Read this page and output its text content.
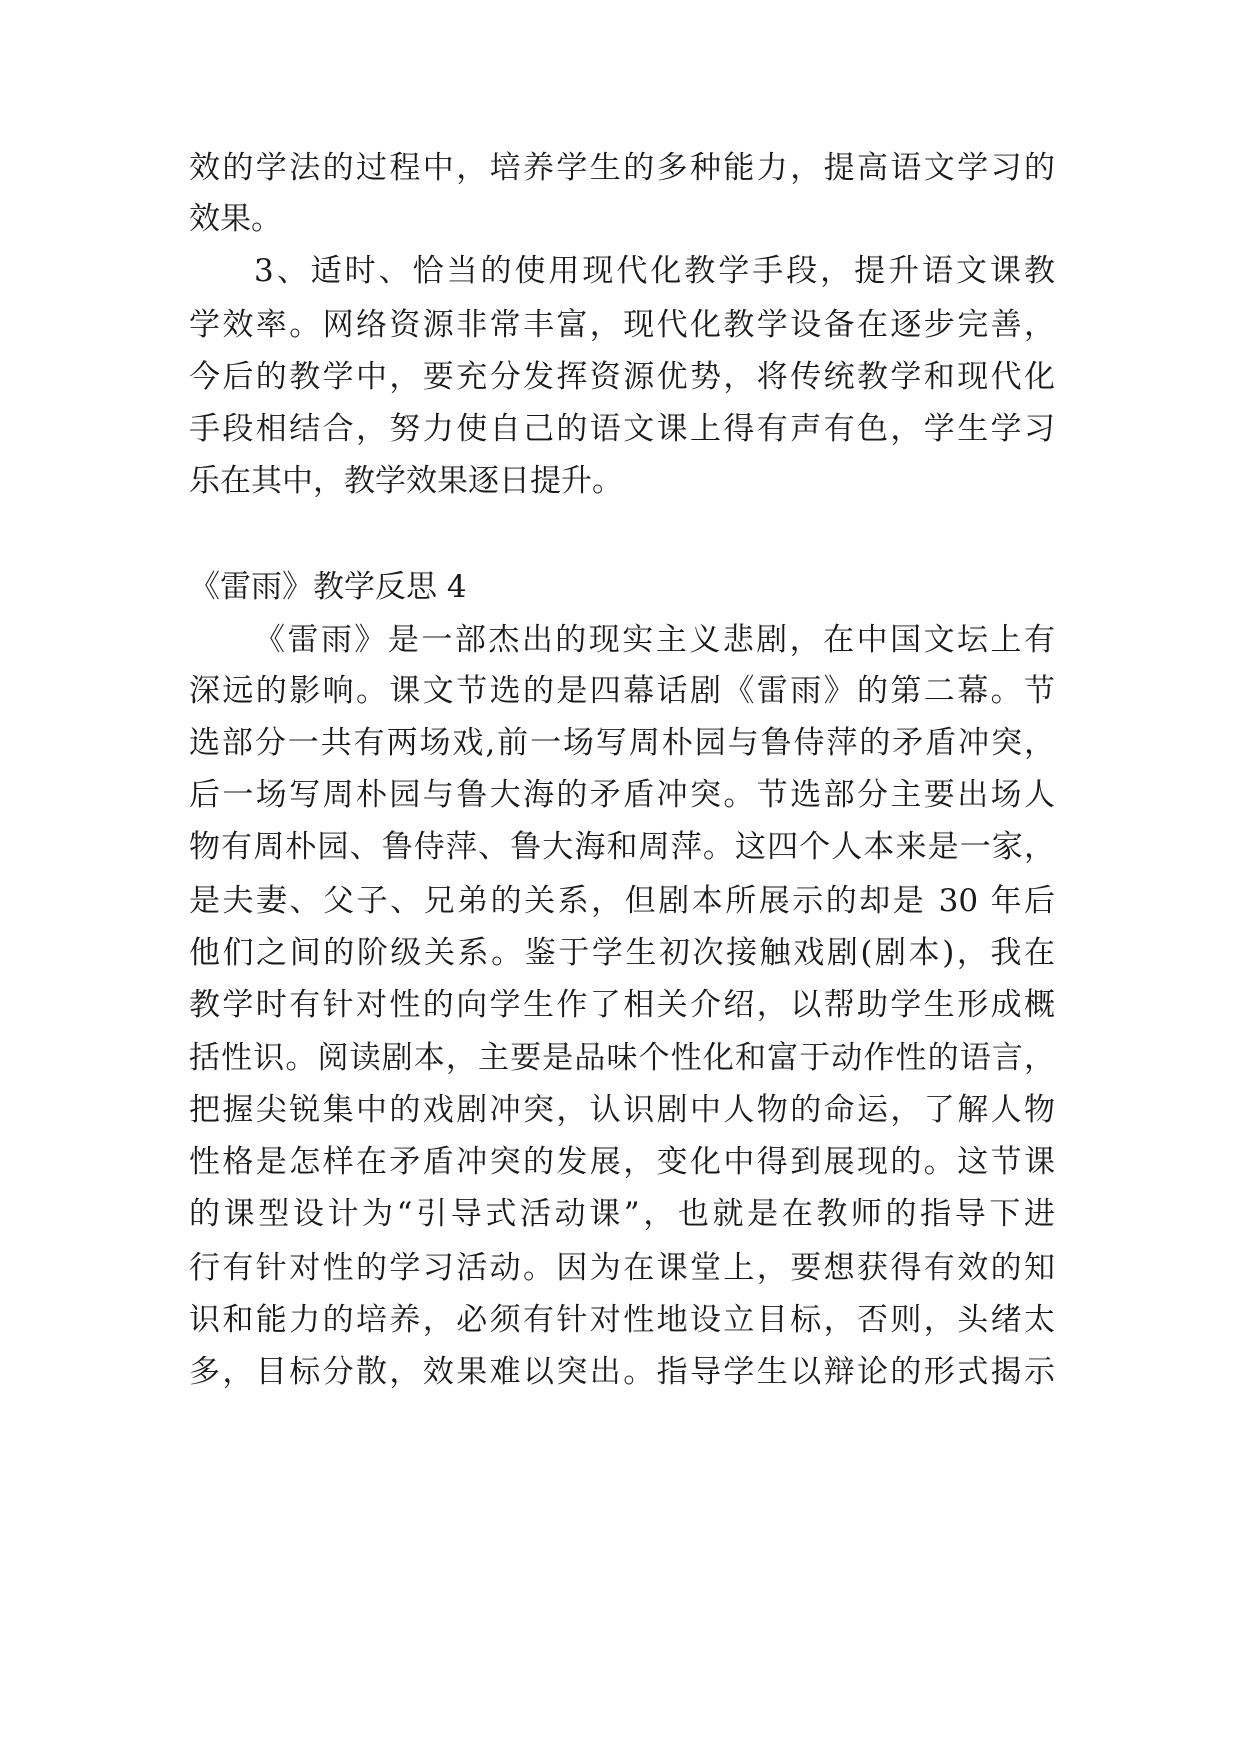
效的学法的过程中，培养学生的多种能力，提高语文学习的
效果。
3、适时、恰当的使用现代化教学手段，提升语文课教
学效率。网络资源非常丰富，现代化教学设备在逐步完善，
今后的教学中，要充分发挥资源优势，将传统教学和现代化
手段相结合，努力使自己的语文课上得有声有色，学生学习
乐在其中，教学效果逐日提升。
《雷雨》教学反思 4
《雷雨》是一部杰出的现实主义悲剧，在中国文坛上有
深远的影响。课文节选的是四幕话剧《雷雨》的第二幕。节
选部分一共有两场戏,前一场写周朴园与鲁侍萍的矛盾冲突，
后一场写周朴园与鲁大海的矛盾冲突。节选部分主要出场人
物有周朴园、鲁侍萍、鲁大海和周萍。这四个人本来是一家，
是夫妻、父子、兄弟的关系，但剧本所展示的却是 30 年后
他们之间的阶级关系。鉴于学生初次接触戏剧(剧本)，我在
教学时有针对性的向学生作了相关介绍，以帮助学生形成概
括性识。阅读剧本，主要是品味个性化和富于动作性的语言，
把握尖锐集中的戏剧冲突，认识剧中人物的命运，了解人物
性格是怎样在矛盾冲突的发展，变化中得到展现的。这节课
的课型设计为“引导式活动课”，也就是在教师的指导下进
行有针对性的学习活动。因为在课堂上，要想获得有效的知
识和能力的培养，必须有针对性地设立目标，否则，头绪太
多，目标分散，效果难以突出。指导学生以辩论的形式揭示
